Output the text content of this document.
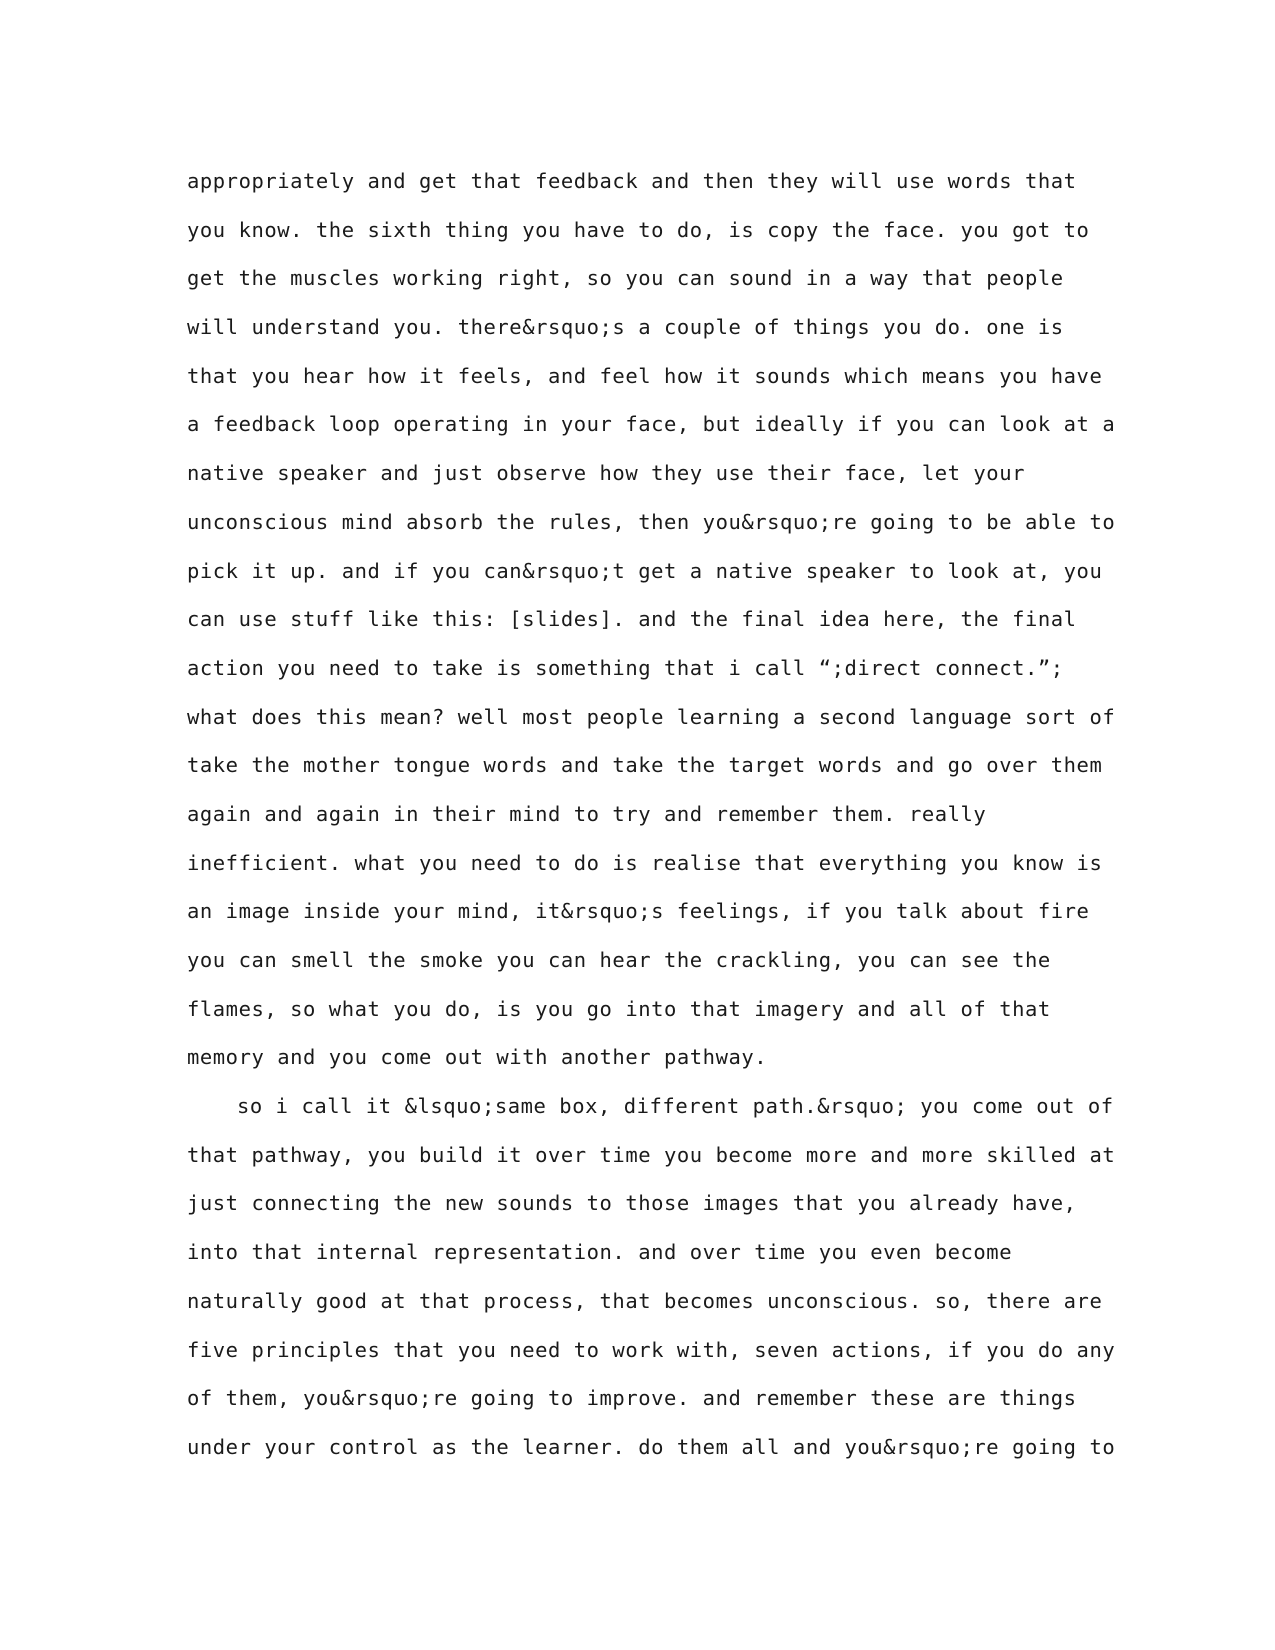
appropriately and get that feedback and then they will use words that
you know. the sixth thing you have to do, is copy the face. you got to
get the muscles working right, so you can sound in a way that people
will understand you. there&rsquo;s a couple of things you do. one is
that you hear how it feels, and feel how it sounds which means you have
a feedback loop operating in your face, but ideally if you can look at a
native speaker and just observe how they use their face, let your
unconscious mind absorb the rules, then you&rsquo;re going to be able to
pick it up. and if you can&rsquo;t get a native speaker to look at, you
can use stuff like this: [slides]. and the final idea here, the final
action you need to take is something that i call “;direct connect.”;
what does this mean? well most people learning a second language sort of
take the mother tongue words and take the target words and go over them
again and again in their mind to try and remember them. really
inefficient. what you need to do is realise that everything you know is
an image inside your mind, it&rsquo;s feelings, if you talk about fire
you can smell the smoke you can hear the crackling, you can see the
flames, so what you do, is you go into that imagery and all of that
memory and you come out with another pathway.
so i call it &lsquo;same box, different path.&rsquo; you come out of
that pathway, you build it over time you become more and more skilled at
just connecting the new sounds to those images that you already have,
into that internal representation. and over time you even become
naturally good at that process, that becomes unconscious. so, there are
five principles that you need to work with, seven actions, if you do any
of them, you&rsquo;re going to improve. and remember these are things
under your control as the learner. do them all and you&rsquo;re going to
